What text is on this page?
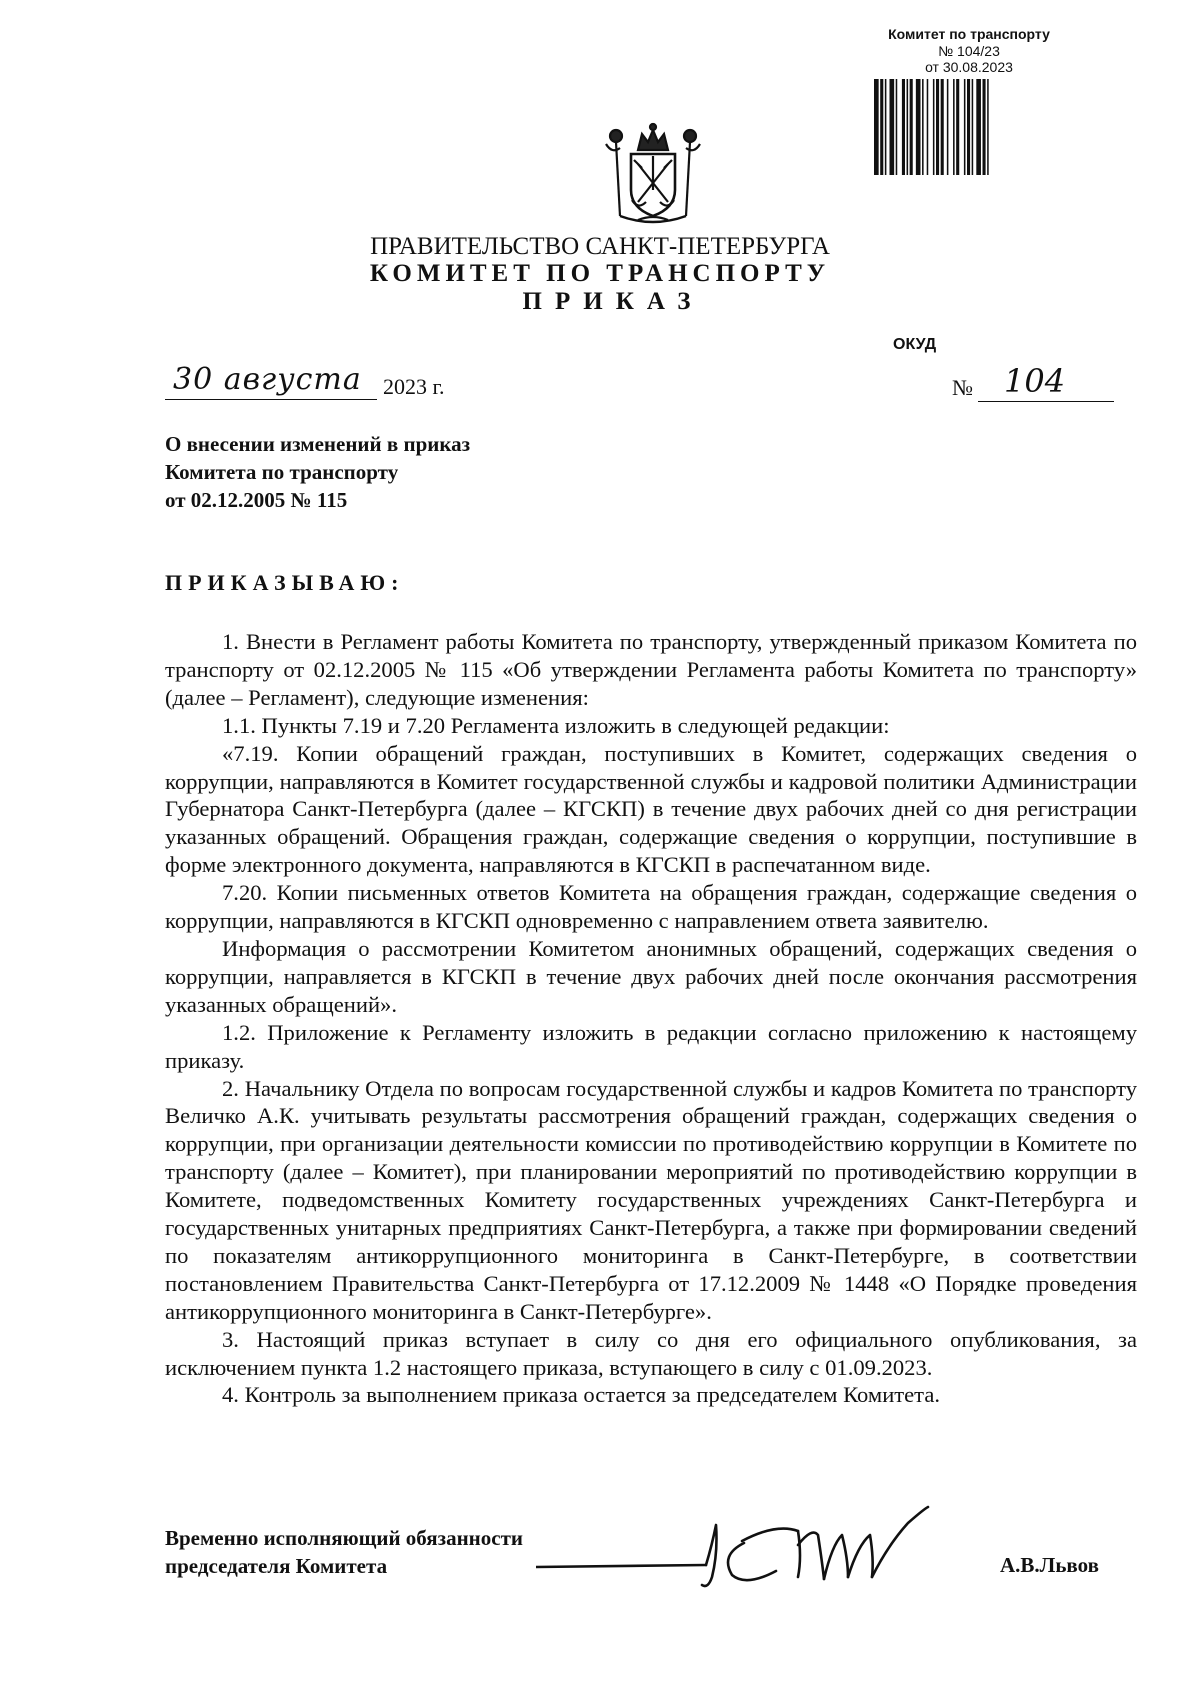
Комитет по транспорту
№ 104/23
от 30.08.2023
ПРАВИТЕЛЬСТВО САНКТ-ПЕТЕРБУРГА
КОМИТЕТ ПО ТРАНСПОРТУ
ПРИКАЗ
ОКУД
30 августа 2023 г.	№ 104
О внесении изменений в приказ
Комитета по транспорту
от 02.12.2005 № 115
ПРИКАЗЫВАЮ:

1. Внести в Регламент работы Комитета по транспорту, утвержденный приказом Комитета по транспорту от 02.12.2005 № 115 «Об утверждении Регламента работы Комитета по транспорту» (далее – Регламент), следующие изменения:

1.1. Пункты 7.19 и 7.20 Регламента изложить в следующей редакции:

«7.19. Копии обращений граждан, поступивших в Комитет, содержащих сведения о коррупции, направляются в Комитет государственной службы и кадровой политики Администрации Губернатора Санкт-Петербурга (далее – КГСКП) в течение двух рабочих дней со дня регистрации указанных обращений. Обращения граждан, содержащие сведения о коррупции, поступившие в форме электронного документа, направляются в КГСКП в распечатанном виде.

7.20. Копии письменных ответов Комитета на обращения граждан, содержащие сведения о коррупции, направляются в КГСКП одновременно с направлением ответа заявителю.

Информация о рассмотрении Комитетом анонимных обращений, содержащих сведения о коррупции, направляется в КГСКП в течение двух рабочих дней после окончания рассмотрения указанных обращений».

1.2. Приложение к Регламенту изложить в редакции согласно приложению к настоящему приказу.

2. Начальнику Отдела по вопросам государственной службы и кадров Комитета по транспорту Величко А.К. учитывать результаты рассмотрения обращений граждан, содержащих сведения о коррупции, при организации деятельности комиссии по противодействию коррупции в Комитете по транспорту (далее – Комитет), при планировании мероприятий по противодействию коррупции в Комитете, подведомственных Комитету государственных учреждениях Санкт-Петербурга и государственных унитарных предприятиях Санкт-Петербурга, а также при формировании сведений по показателям антикоррупционного мониторинга в Санкт-Петербурге, в соответствии постановлением Правительства Санкт-Петербурга от 17.12.2009 № 1448 «О Порядке проведения антикоррупционного мониторинга в Санкт-Петербурге».

3. Настоящий приказ вступает в силу со дня его официального опубликования, за исключением пункта 1.2 настоящего приказа, вступающего в силу с 01.09.2023.

4. Контроль за выполнением приказа остается за председателем Комитета.

Временно исполняющий обязанности
председателя Комитета	А.В.Львов
